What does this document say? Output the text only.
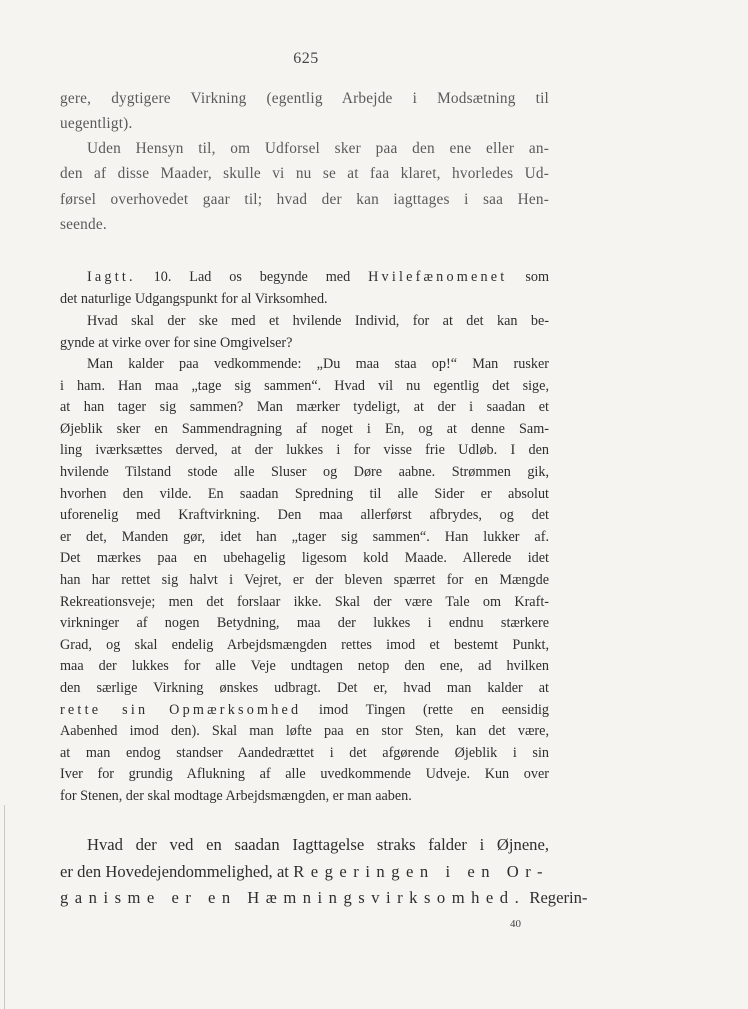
625
gere, dygtigere Virkning (egentlig Arbejde i Modsætning til
uegentligt).
Uden Hensyn til, om Udforsel sker paa den ene eller an-
den af disse Maader, skulle vi nu se at faa klaret, hvorledes Ud-
førsel overhovedet gaar til; hvad der kan iagttages i saa Hen-
seende.
Iagtt. 10. Lad os begynde med Hvilefænomenet som
det naturlige Udgangspunkt for al Virksomhed.
Hvad skal der ske med et hvilende Individ, for at det kan be-
gynde at virke over for sine Omgivelser?
Man kalder paa vedkommende: „Du maa staa op!“ Man rusker
i ham. Han maa „tage sig sammen“. Hvad vil nu egentlig det sige,
at han tager sig sammen? Man mærker tydeligt, at der i saadan et
Øjeblik sker en Sammendragning af noget i En, og at denne Sam-
ling iværksættes derved, at der lukkes i for visse frie Udløb. I den
hvilende Tilstand stode alle Sluser og Døre aabne. Strømmen gik,
hvorhen den vilde. En saadan Spredning til alle Sider er absolut
uforenelig med Kraftvirkning. Den maa allerførst afbrydes, og det
er det, Manden gør, idet han „tager sig sammen“. Han lukker af.
Det mærkes paa en ubehagelig ligesom kold Maade. Allerede idet
han har rettet sig halvt i Vejret, er der bleven spærret for en Mængde
Rekreationsveje; men det forslaar ikke. Skal der være Tale om Kraft-
virkninger af nogen Betydning, maa der lukkes i endnu stærkere
Grad, og skal endelig Arbejdsmængden rettes imod et bestemt Punkt,
maa der lukkes for alle Veje undtagen netop den ene, ad hvilken
den særlige Virkning ønskes udbragt. Det er, hvad man kalder at
rette sin Opmærksomhed imod Tingen (rette en eensidig
Aabenhed imod den). Skal man løfte paa en stor Sten, kan det være,
at man endog standser Aandedrættet i det afgørende Øjeblik i sin
Iver for grundig Aflukning af alle uvedkommende Udveje. Kun over
for Stenen, der skal modtage Arbejdsmængden, er man aaben.
Hvad der ved en saadan Iagttagelse straks falder i Øjnene,
er den Hovedejendommelighed, at Regeringen i en Or-
ganisme er en Hæmningsvirksomhed. Regerin-
40
